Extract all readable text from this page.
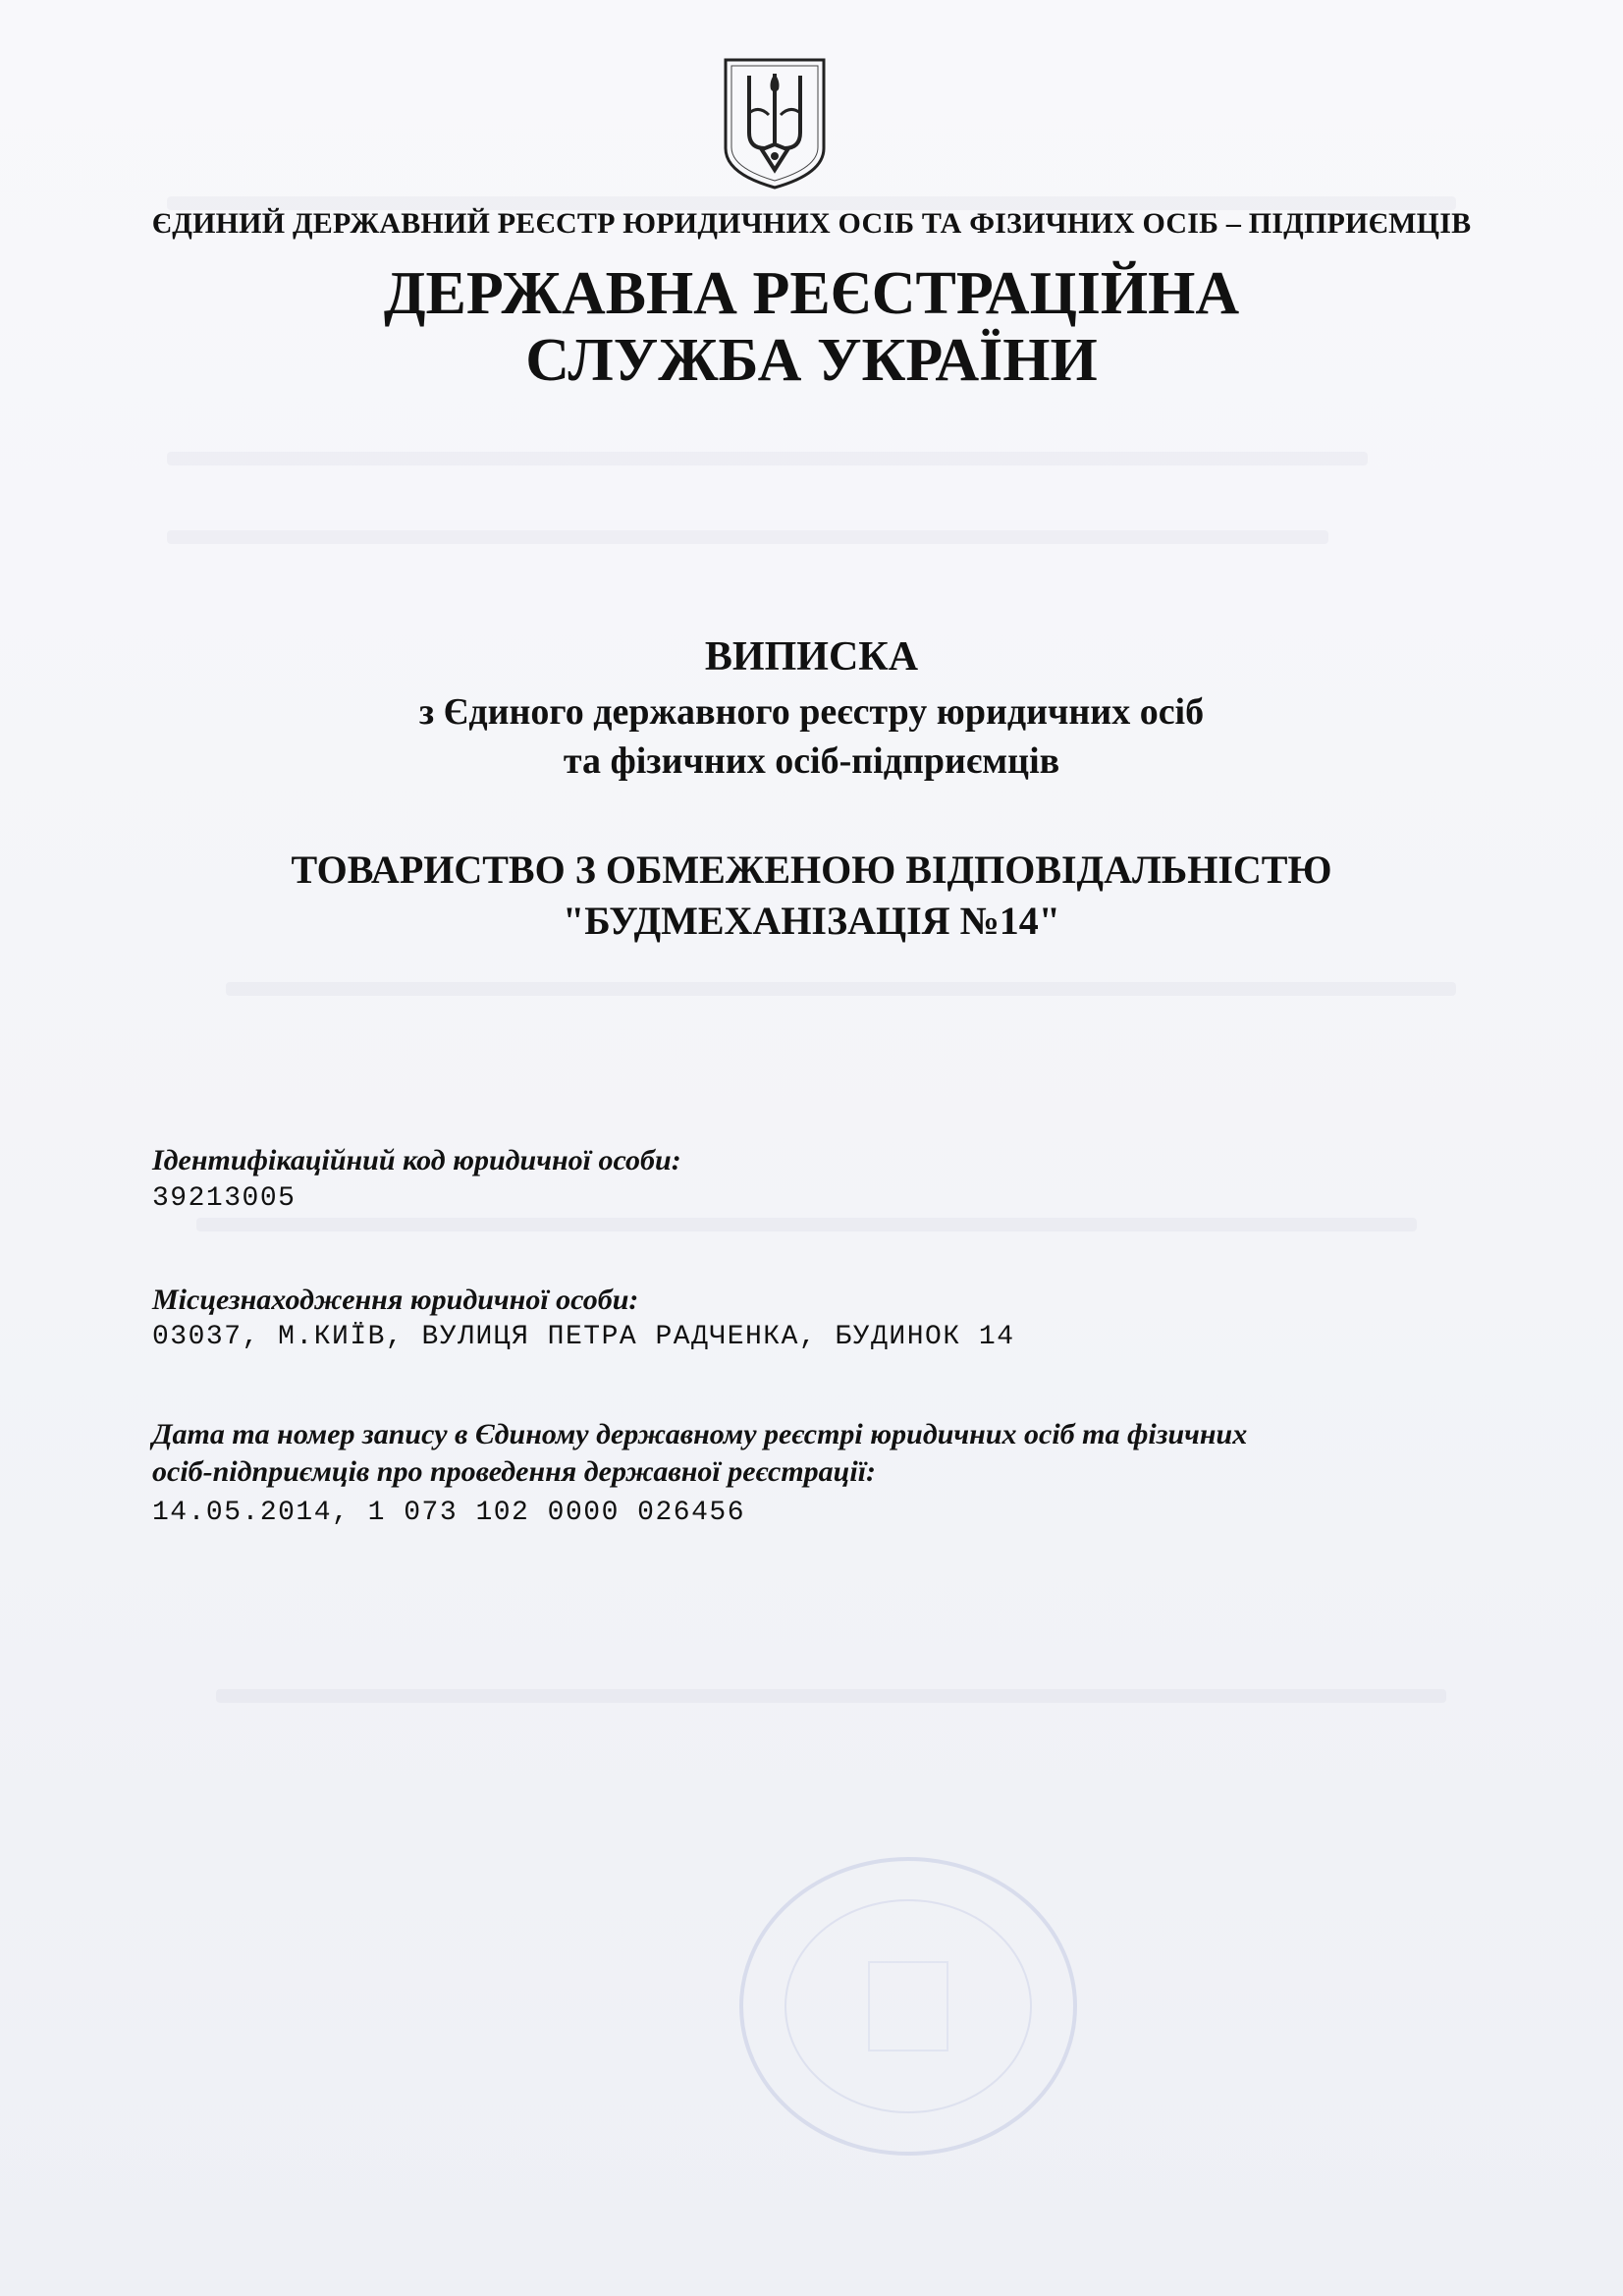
ЄДИНИЙ ДЕРЖАВНИЙ РЕЄСТР ЮРИДИЧНИХ ОСІБ ТА ФІЗИЧНИХ ОСІБ – ПІДПРИЄМЦІВ
ДЕРЖАВНА РЕЄСТРАЦІЙНА
СЛУЖБА УКРАЇНИ
ВИПИСКА
з Єдиного державного реєстру юридичних осіб
та фізичних осіб-підприємців
ТОВАРИСТВО З ОБМЕЖЕНОЮ ВІДПОВІДАЛЬНІСТЮ
"БУДМЕХАНІЗАЦІЯ №14"
Ідентифікаційний код юридичної особи:
39213005
Місцезнаходження юридичної особи:
03037, М.КИЇВ, ВУЛИЦЯ ПЕТРА РАДЧЕНКА, БУДИНОК 14
Дата та номер запису в Єдиному державному реєстрі юридичних осіб та фізичних
осіб-підприємців про проведення державної реєстрації:
14.05.2014, 1 073 102 0000 026456
